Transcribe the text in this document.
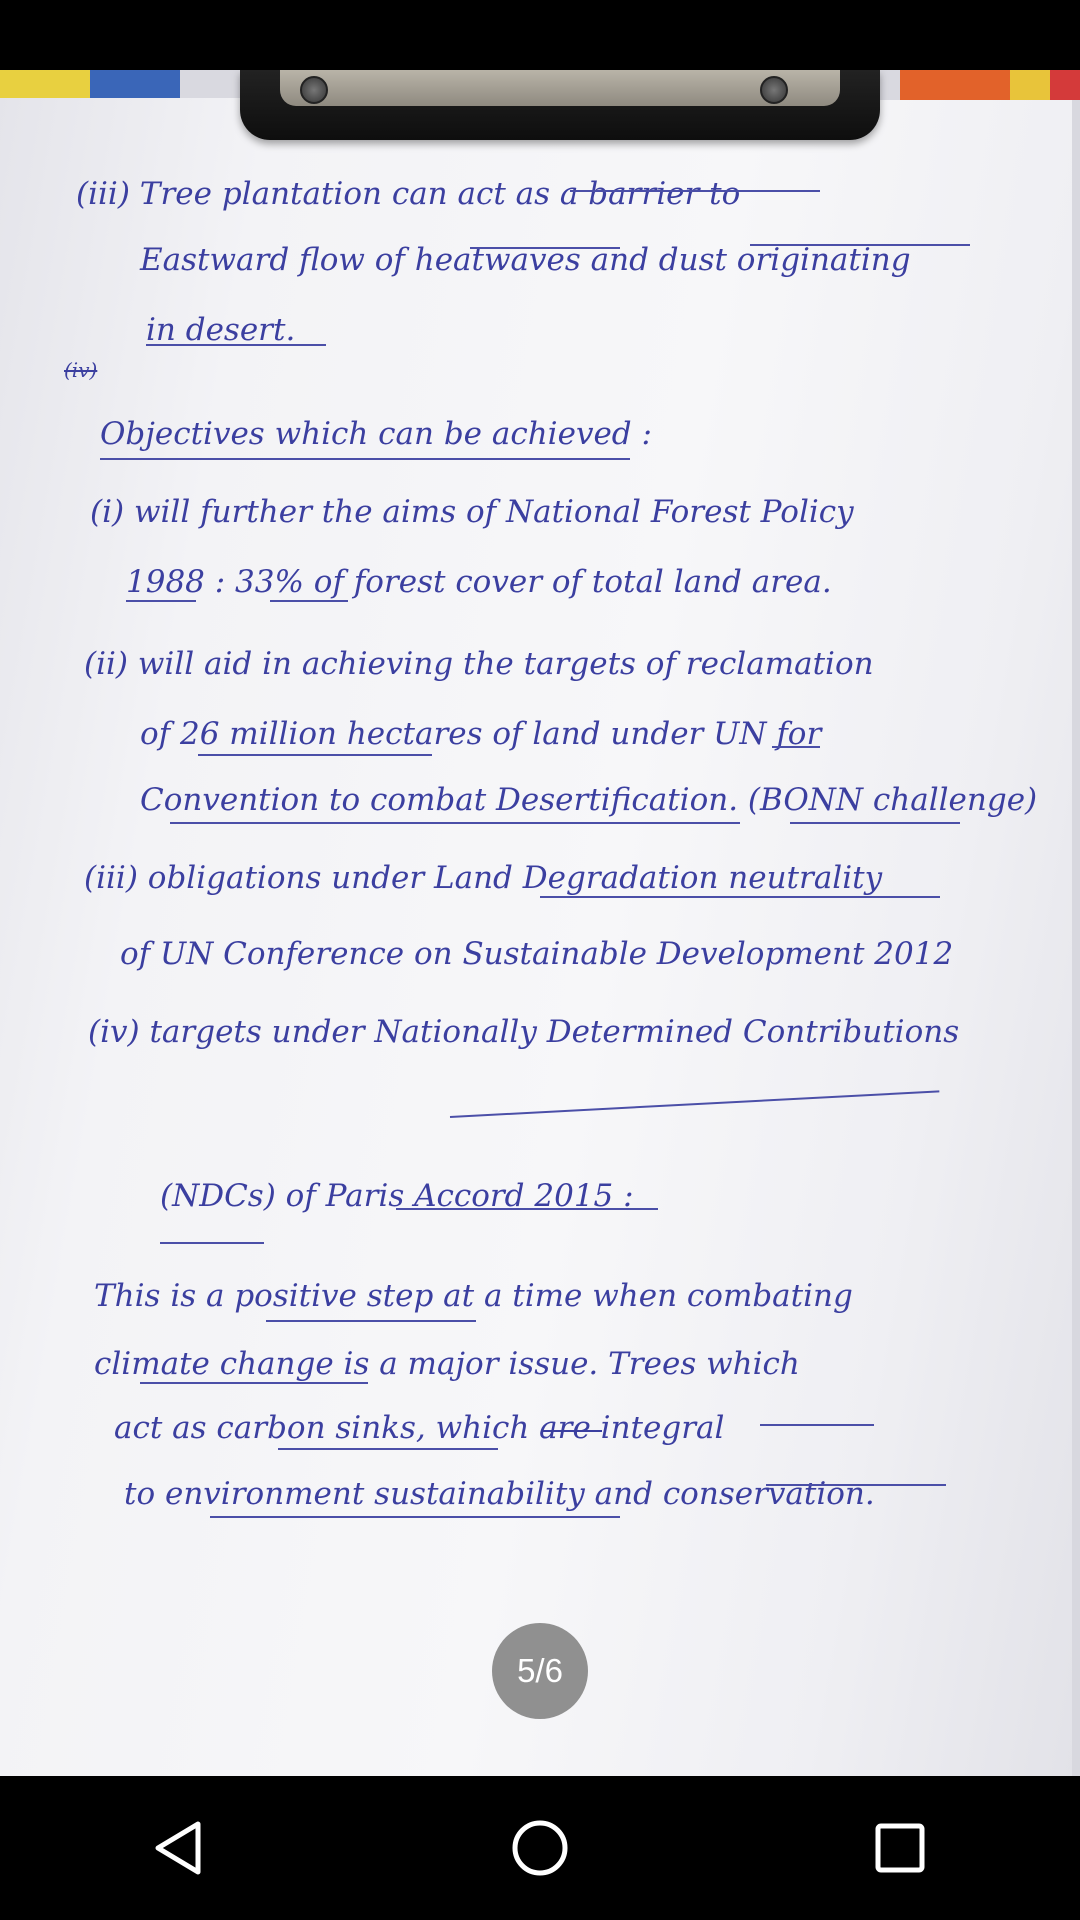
(iii) Tree plantation can act as a barrier to
Eastward flow of heatwaves and dust originating
in desert.
(iv)
Objectives which can be achieved :
(i) will further the aims of National Forest Policy
1988 : 33% of forest cover of total land area.
(ii) will aid in achieving the targets of reclamation
of 26 million hectares of land under UN for
Convention to combat Desertification. (BONN challenge)
(iii) obligations under Land Degradation neutrality
of UN Conference on Sustainable Development 2012
(iv) targets under Nationally Determined Contributions
(NDCs) of Paris Accord 2015 :
This is a positive step at a time when combating
climate change is a major issue. Trees which
act as carbon sinks, which are integral
to environment sustainability and conservation.
5/6
